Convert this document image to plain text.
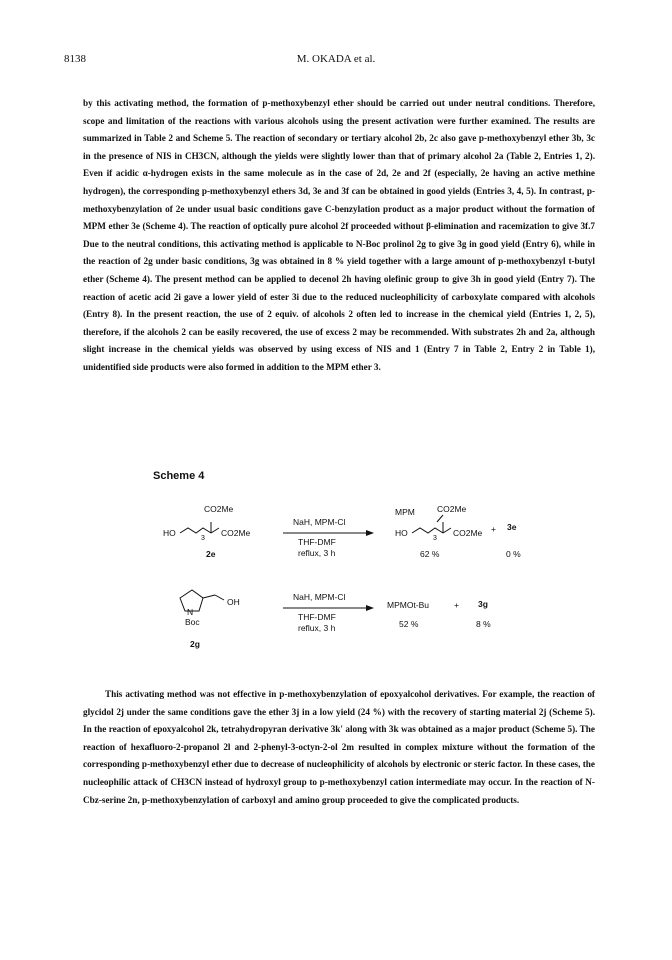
8138	M. OKADA et al.
by this activating method, the formation of p-methoxybenzyl ether should be carried out under neutral conditions. Therefore, scope and limitation of the reactions with various alcohols using the present activation were further examined. The results are summarized in Table 2 and Scheme 5. The reaction of secondary or tertiary alcohol 2b, 2c also gave p-methoxybenzyl ether 3b, 3c in the presence of NIS in CH3CN, although the yields were slightly lower than that of primary alcohol 2a (Table 2, Entries 1, 2). Even if acidic α-hydrogen exists in the same molecule as in the case of 2d, 2e and 2f (especially, 2e having an active methine hydrogen), the corresponding p-methoxybenzyl ethers 3d, 3e and 3f can be obtained in good yields (Entries 3, 4, 5). In contrast, p-methoxybenzylation of 2e under usual basic conditions gave C-benzylation product as a major product without the formation of MPM ether 3e (Scheme 4). The reaction of optically pure alcohol 2f proceeded without β-elimination and racemization to give 3f.7 Due to the neutral conditions, this activating method is applicable to N-Boc prolinol 2g to give 3g in good yield (Entry 6), while in the reaction of 2g under basic conditions, 3g was obtained in 8 % yield together with a large amount of p-methoxybenzyl t-butyl ether (Scheme 4). The present method can be applied to decenol 2h having olefinic group to give 3h in good yield (Entry 7). The reaction of acetic acid 2i gave a lower yield of ester 3i due to the reduced nucleophilicity of carboxylate compared with alcohols (Entry 8). In the present reaction, the use of 2 equiv. of alcohols 2 often led to increase in the chemical yield (Entries 1, 2, 5), therefore, if the alcohols 2 can be easily recovered, the use of excess 2 may be recommended. With substrates 2h and 2a, although slight increase in the chemical yields was observed by using excess of NIS and 1 (Entry 7 in Table 2, Entry 2 in Table 1), unidentified side products were also formed in addition to the MPM ether 3.
Scheme 4
CO2Me
HO
3
CO2Me
2e
NaH, MPM-Cl
THF-DMF
reflux, 3 h
MPM	CO2Me
HO
3
CO2Me + 3e
62 %	0 %
OH
N
Boc
2g
NaH, MPM-Cl
THF-DMF
reflux, 3 h
MPMOt-Bu	+ 3g
52 %	8 %
This activating method was not effective in p-methoxybenzylation of epoxyalcohol derivatives. For example, the reaction of glycidol 2j under the same conditions gave the ether 3j in a low yield (24 %) with the recovery of starting material 2j (Scheme 5). In the reaction of epoxyalcohol 2k, tetrahydropyran derivative 3k' along with 3k was obtained as a major product (Scheme 5). The reaction of hexafluoro-2-propanol 2l and 2-phenyl-3-octyn-2-ol 2m resulted in complex mixture without the formation of the corresponding p-methoxybenzyl ether due to decrease of nucleophilicity of alcohols by electronic or steric factor. In these cases, the nucleophilic attack of CH3CN instead of hydroxyl group to p-methoxybenzyl cation intermediate may occur. In the reaction of N-Cbz-serine 2n, p-methoxybenzylation of carboxyl and amino group proceeded to give the complicated products.
